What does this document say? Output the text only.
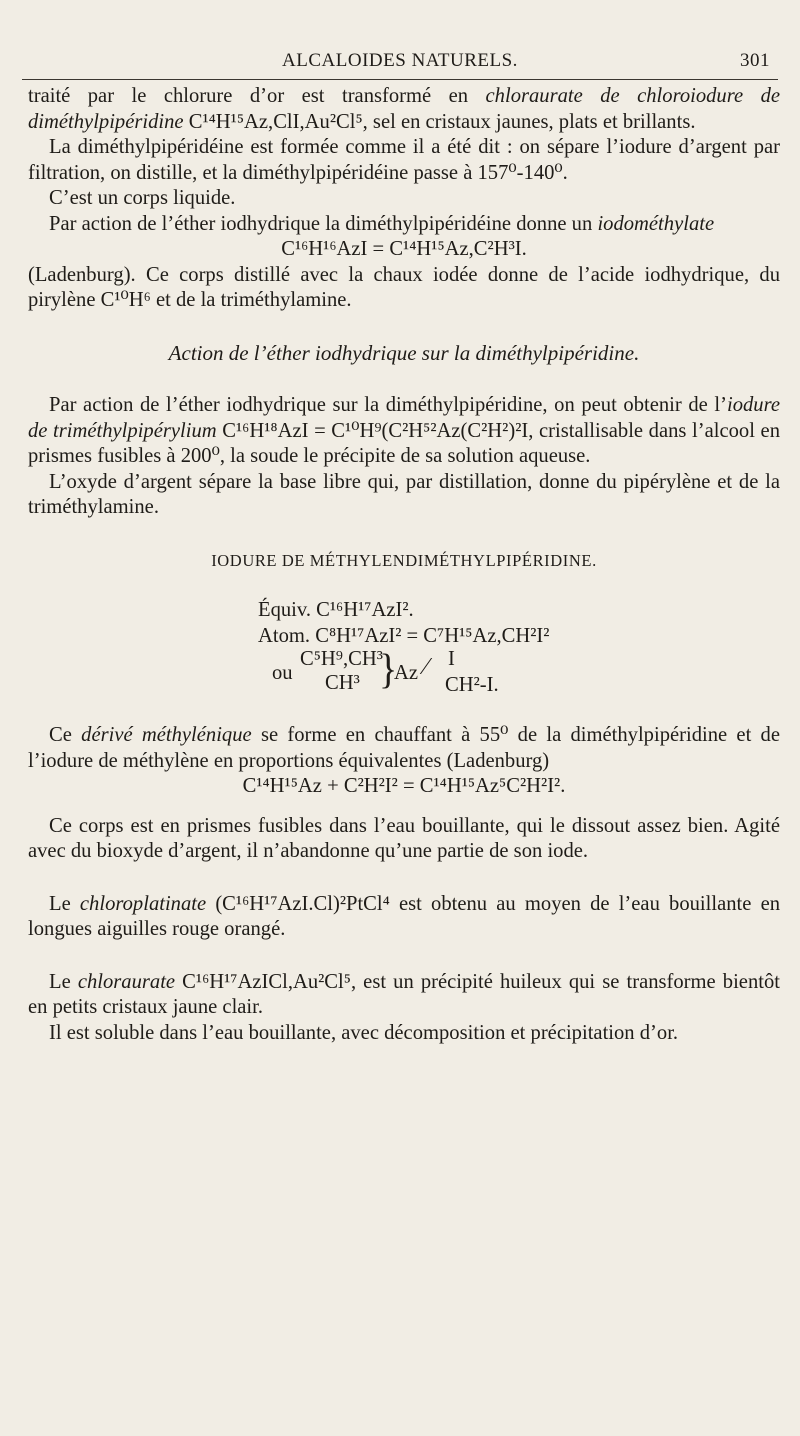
ALCALOIDES NATURELS.	301

traité par le chlorure d’or est transformé en chloraurate de chloroiodure de diméthylpipéridine C¹⁴H¹⁵Az,ClI,Au²Cl⁵, sel en cristaux jaunes, plats et brillants.

La diméthylpipéridéine est formée comme il a été dit : on sépare l’iodure d’argent par filtration, on distille, et la diméthylpipéridéine passe à 157⁰-140⁰.

C’est un corps liquide.

Par action de l’éther iodhydrique la diméthylpipéridéine donne un iodométhylate

C¹⁶H¹⁶AzI = C¹⁴H¹⁵Az,C²H³I.

(Ladenburg). Ce corps distillé avec la chaux iodée donne de l’acide iodhydrique, du pirylène C¹⁰H⁶ et de la triméthylamine.

Action de l’éther iodhydrique sur la diméthylpipéridine.

Par action de l’éther iodhydrique sur la diméthylpipéridine, on peut obtenir de l’iodure de triméthylpipérylium C¹⁶H¹⁸AzI = C¹⁰H⁹(C²H⁵²Az(C²H²)²I, cristallisable dans l’alcool en prismes fusibles à 200⁰, la soude le précipite de sa solution aqueuse.

L’oxyde d’argent sépare la base libre qui, par distillation, donne du pipérylène et de la triméthylamine.

IODURE DE MÉTHYLENDIMÉTHYLPIPÉRIDINE.

Équiv. C¹⁶H¹⁷AzI².

Atom. C⁸H¹⁷AzI² = C⁷H¹⁵Az,CH²I²

ou
C⁵H⁹,CH³
CH³ }
Az ⁄ I
CH²-I.

Ce dérivé méthylénique se forme en chauffant à 55⁰ de la diméthylpipéridine et de l’iodure de méthylène en proportions équivalentes (Ladenburg)

C¹⁴H¹⁵Az + C²H²I² = C¹⁴H¹⁵Az⁵C²H²I².

Ce corps est en prismes fusibles dans l’eau bouillante, qui le dissout assez bien. Agité avec du bioxyde d’argent, il n’abandonne qu’une partie de son iode.

Le chloroplatinate (C¹⁶H¹⁷AzI.Cl)²PtCl⁴ est obtenu au moyen de l’eau bouillante en longues aiguilles rouge orangé.

Le chloraurate C¹⁶H¹⁷AzICl,Au²Cl⁵, est un précipité huileux qui se transforme bientôt en petits cristaux jaune clair.

Il est soluble dans l’eau bouillante, avec décomposition et précipitation d’or.
